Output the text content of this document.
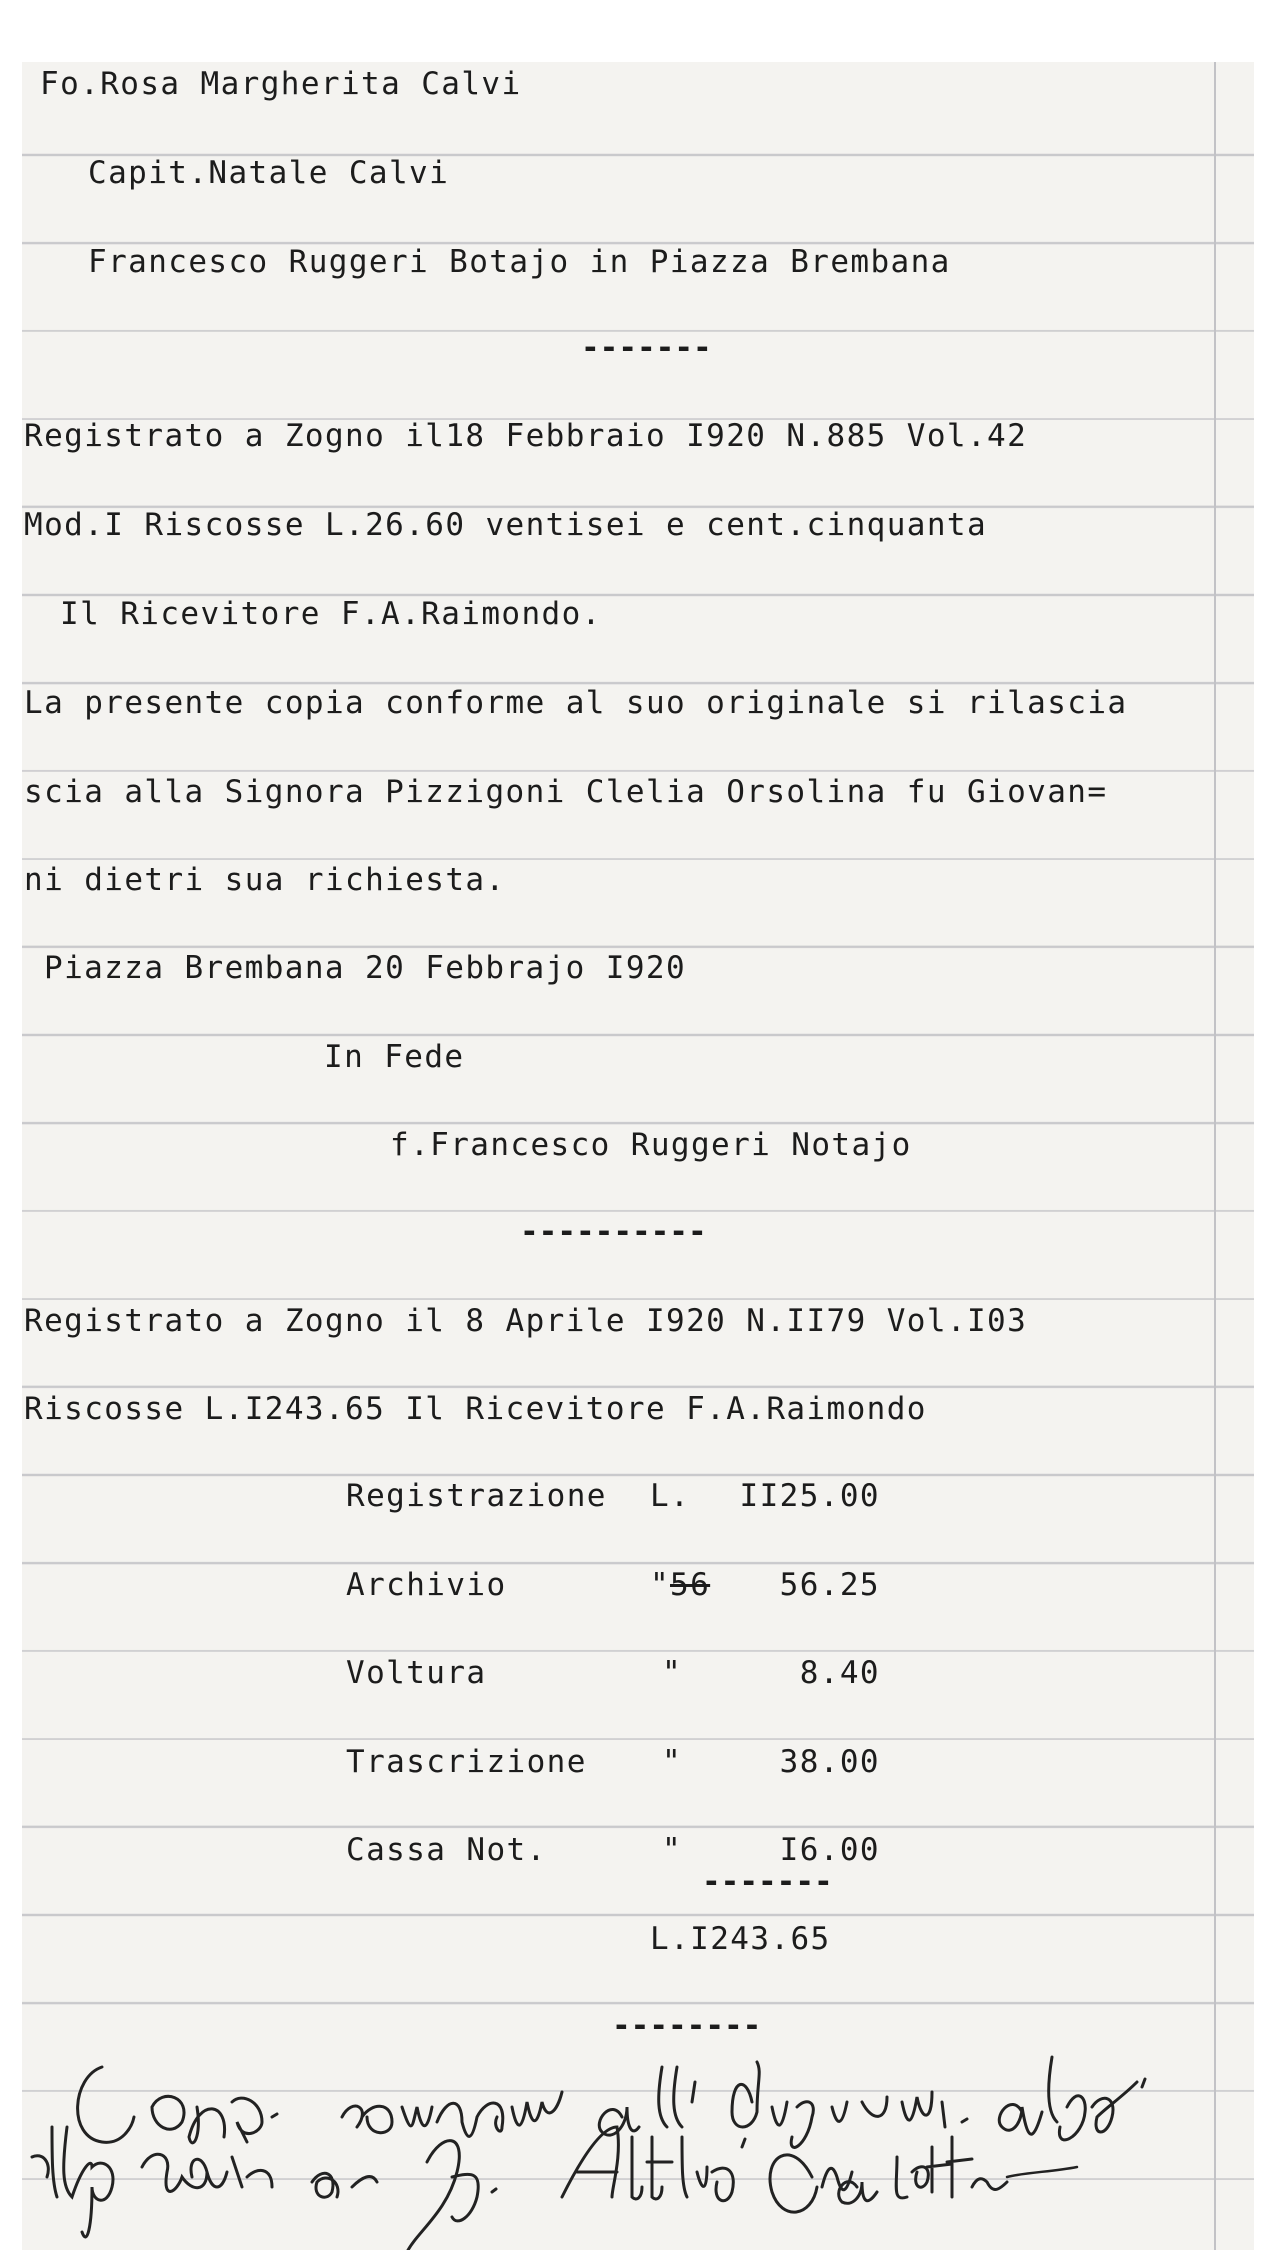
Fo.Rosa Margherita Calvi

Capit.Natale Calvi

Francesco Ruggeri Botajo in Piazza Brembana

-------

Registrato a Zogno il18 Febbraio I920 N.885 Vol.42

Mod.I Riscosse L.26.60 ventisei e cent.cinquanta

Il Ricevitore F.A.Raimondo.

La presente copia conforme al suo originale si rilascia

scia alla Signora Pizzigoni Clelia Orsolina fu Giovan=

ni dietri sua richiesta.

Piazza Brembana 20 Febbrajo I920

In Fede

f.Francesco Ruggeri Notajo

----------

Registrato a Zogno il 8 Aprile I920 N.II79 Vol.I03

Riscosse L.I243.65 Il Ricevitore F.A.Raimondo

Registrazione L.	II25.00

Archivio	" 56	56.25

Voltura	"	8.40

Trascrizione "	38.00

Cassa Not.	"	I6.00

-------

L.I243.65

--------
